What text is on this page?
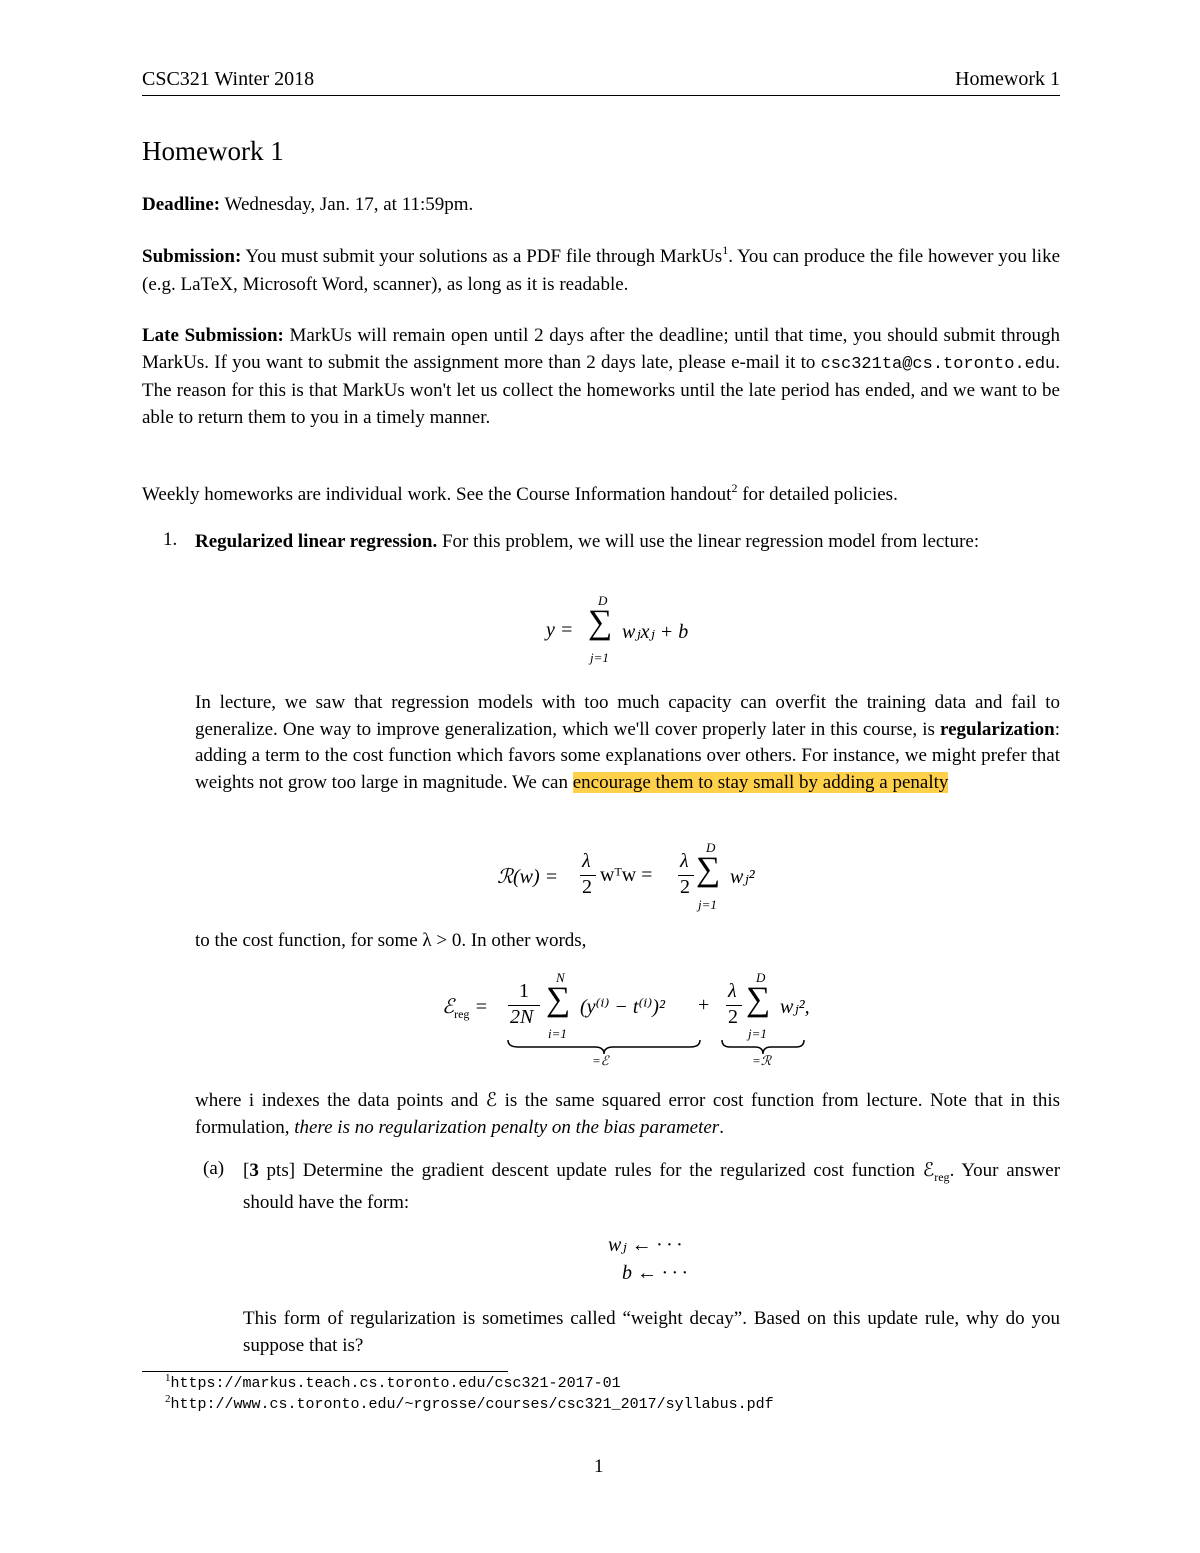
CSC321 Winter 2018	Homework 1
Homework 1
Deadline: Wednesday, Jan. 17, at 11:59pm.
Submission: You must submit your solutions as a PDF file through MarkUs$^1$. You can produce the file however you like (e.g. LaTeX, Microsoft Word, scanner), as long as it is readable.
Late Submission: MarkUs will remain open until 2 days after the deadline; until that time, you should submit through MarkUs. If you want to submit the assignment more than 2 days late, please e-mail it to csc321ta@cs.toronto.edu. The reason for this is that MarkUs won't let us collect the homeworks until the late period has ended, and we want to be able to return them to you in a timely manner.
Weekly homeworks are individual work. See the Course Information handout$^2$ for detailed policies.
1. Regularized linear regression. For this problem, we will use the linear regression model from lecture:
y =
D
∑
j=1
wⱼxⱼ + b
In lecture, we saw that regression models with too much capacity can overfit the training data and fail to generalize. One way to improve generalization, which we'll cover properly later in this course, is regularization: adding a term to the cost function which favors some explanations over others. For instance, we might prefer that weights not grow too large in magnitude. We can encourage them to stay small by adding a penalty
ℛ(w) =
λ
2
wᵀw =
λ
2
D
∑
j=1
wⱼ²
to the cost function, for some λ > 0. In other words,
ℰ$_{reg}$ =
1
2N
N
∑
i=1
(y⁽ⁱ⁾ − t⁽ⁱ⁾)² +
λ
2
D
∑
j=1
wⱼ²,
=ℰ	=ℛ
where i indexes the data points and ℰ is the same squared error cost function from lecture. Note that in this formulation, there is no regularization penalty on the bias parameter.
(a) [3 pts] Determine the gradient descent update rules for the regularized cost function ℰ$_{reg}$. Your answer should have the form:
wⱼ ← · · ·
b ← · · ·
This form of regularization is sometimes called “weight decay”. Based on this update rule, why do you suppose that is?
$^1$https://markus.teach.cs.toronto.edu/csc321-2017-01
$^2$http://www.cs.toronto.edu/~rgrosse/courses/csc321_2017/syllabus.pdf
1
